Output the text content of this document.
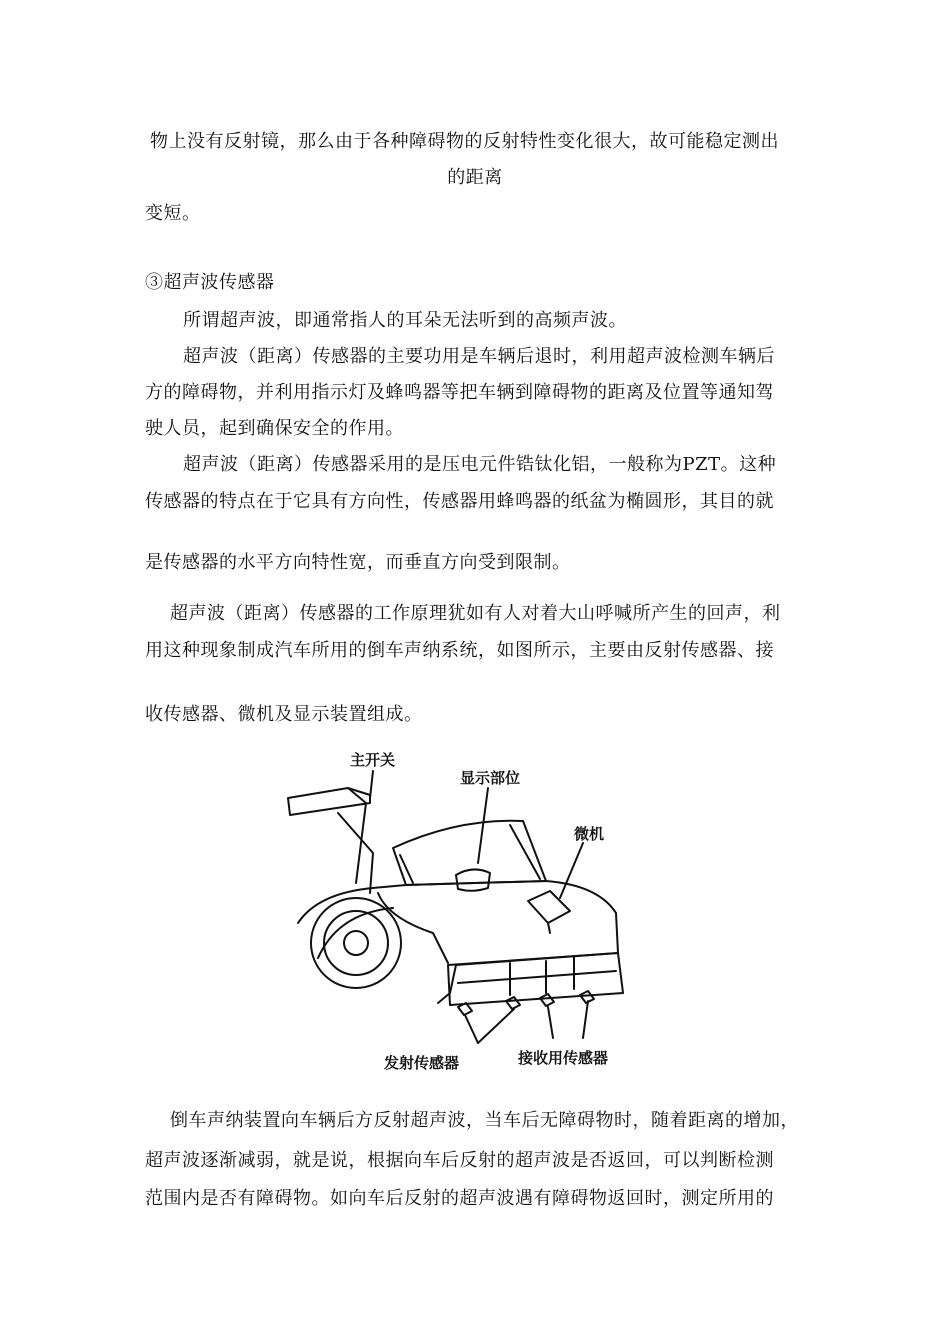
物上没有反射镜，那么由于各种障碍物的反射特性变化很大，故可能稳定测出
的距离
变短。
③超声波传感器
所谓超声波，即通常指人的耳朵无法听到的高频声波。
超声波（距离）传感器的主要功用是车辆后退时，利用超声波检测车辆后
方的障碍物，并利用指示灯及蜂鸣器等把车辆到障碍物的距离及位置等通知驾
驶人员，起到确保安全的作用。
超声波（距离）传感器采用的是压电元件锆钛化铝，一般称为PZT。这种
传感器的特点在于它具有方向性，传感器用蜂鸣器的纸盆为椭圆形，其目的就
是传感器的水平方向特性宽，而垂直方向受到限制。
超声波（距离）传感器的工作原理犹如有人对着大山呼喊所产生的回声，利
用这种现象制成汽车所用的倒车声纳系统，如图所示，主要由反射传感器、接
收传感器、微机及显示装置组成。
主开关
显示部位
微机
发射传感器	接收用传感器
倒车声纳装置向车辆后方反射超声波，当车后无障碍物时，随着距离的增加，
超声波逐渐减弱，就是说，根据向车后反射的超声波是否返回，可以判断检测
范围内是否有障碍物。如向车后反射的超声波遇有障碍物返回时，测定所用的
